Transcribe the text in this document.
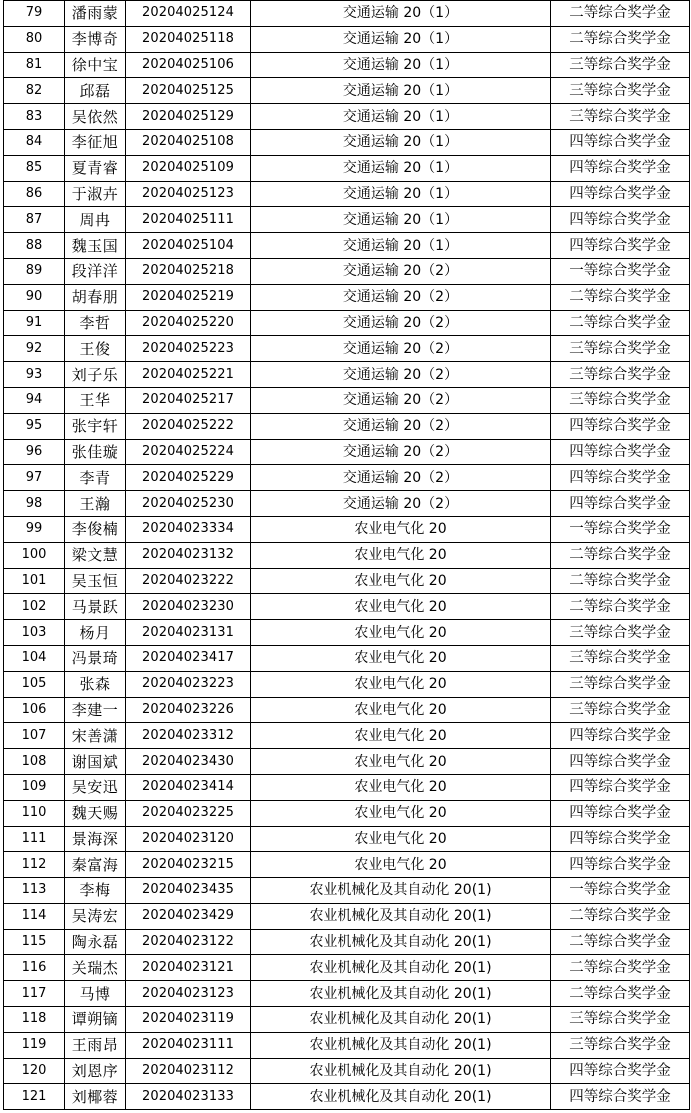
79	潘雨蒙	20204025124	交通运输 20（1）	二等综合奖学金
80	李博奇	20204025118	交通运输 20（1）	二等综合奖学金
81	徐中宝	20204025106	交通运输 20（1）	三等综合奖学金
82	邱磊	20204025125	交通运输 20（1）	三等综合奖学金
83	吴依然	20204025129	交通运输 20（1）	三等综合奖学金
84	李征旭	20204025108	交通运输 20（1）	四等综合奖学金
85	夏青睿	20204025109	交通运输 20（1）	四等综合奖学金
86	于淑卉	20204025123	交通运输 20（1）	四等综合奖学金
87	周冉	20204025111	交通运输 20（1）	四等综合奖学金
88	魏玉国	20204025104	交通运输 20（1）	四等综合奖学金
89	段洋洋	20204025218	交通运输 20（2）	一等综合奖学金
90	胡春朋	20204025219	交通运输 20（2）	二等综合奖学金
91	李哲	20204025220	交通运输 20（2）	二等综合奖学金
92	王俊	20204025223	交通运输 20（2）	三等综合奖学金
93	刘子乐	20204025221	交通运输 20（2）	三等综合奖学金
94	王华	20204025217	交通运输 20（2）	三等综合奖学金
95	张宇轩	20204025222	交通运输 20（2）	四等综合奖学金
96	张佳璇	20204025224	交通运输 20（2）	四等综合奖学金
97	李青	20204025229	交通运输 20（2）	四等综合奖学金
98	王瀚	20204025230	交通运输 20（2）	四等综合奖学金
99	李俊楠	20204023334	农业电气化 20	一等综合奖学金
100	梁文慧	20204023132	农业电气化 20	二等综合奖学金
101	吴玉恒	20204023222	农业电气化 20	二等综合奖学金
102	马景跃	20204023230	农业电气化 20	二等综合奖学金
103	杨月	20204023131	农业电气化 20	三等综合奖学金
104	冯景琦	20204023417	农业电气化 20	三等综合奖学金
105	张森	20204023223	农业电气化 20	三等综合奖学金
106	李建一	20204023226	农业电气化 20	三等综合奖学金
107	宋善潇	20204023312	农业电气化 20	四等综合奖学金
108	谢国斌	20204023430	农业电气化 20	四等综合奖学金
109	吴安迅	20204023414	农业电气化 20	四等综合奖学金
110	魏天赐	20204023225	农业电气化 20	四等综合奖学金
111	景海深	20204023120	农业电气化 20	四等综合奖学金
112	秦富海	20204023215	农业电气化 20	四等综合奖学金
113	李梅	20204023435	农业机械化及其自动化 20(1)	一等综合奖学金
114	吴涛宏	20204023429	农业机械化及其自动化 20(1)	二等综合奖学金
115	陶永磊	20204023122	农业机械化及其自动化 20(1)	二等综合奖学金
116	关瑞杰	20204023121	农业机械化及其自动化 20(1)	二等综合奖学金
117	马博	20204023123	农业机械化及其自动化 20(1)	二等综合奖学金
118	谭朔镝	20204023119	农业机械化及其自动化 20(1)	三等综合奖学金
119	王雨昂	20204023111	农业机械化及其自动化 20(1)	三等综合奖学金
120	刘恩序	20204023112	农业机械化及其自动化 20(1)	四等综合奖学金
121	刘椰蓉	20204023133	农业机械化及其自动化 20(1)	四等综合奖学金
